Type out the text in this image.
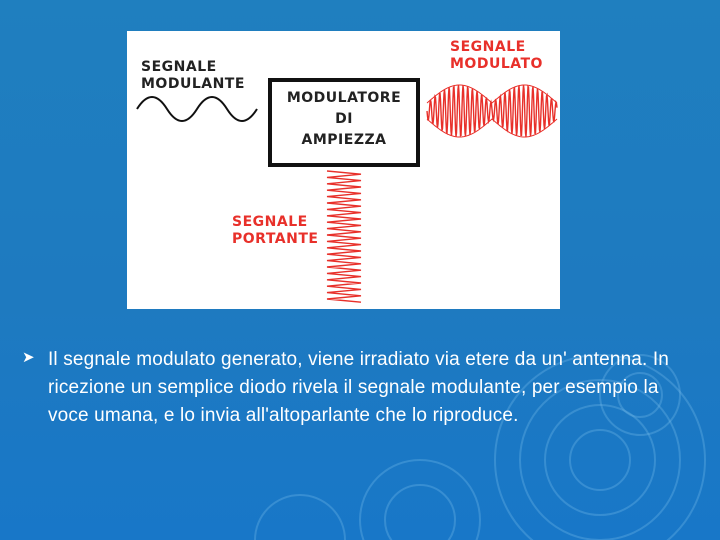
SEGNALE
MODULANTE
SEGNALE
MODULATO
MODULATORE
DI
AMPIEZZA
SEGNALE
PORTANTE
➤ Il segnale modulato generato, viene irradiato via etere da un' antenna. In ricezione un semplice diodo rivela il segnale modulante, per esempio la voce umana, e lo invia all'altoparlante che lo riproduce.
